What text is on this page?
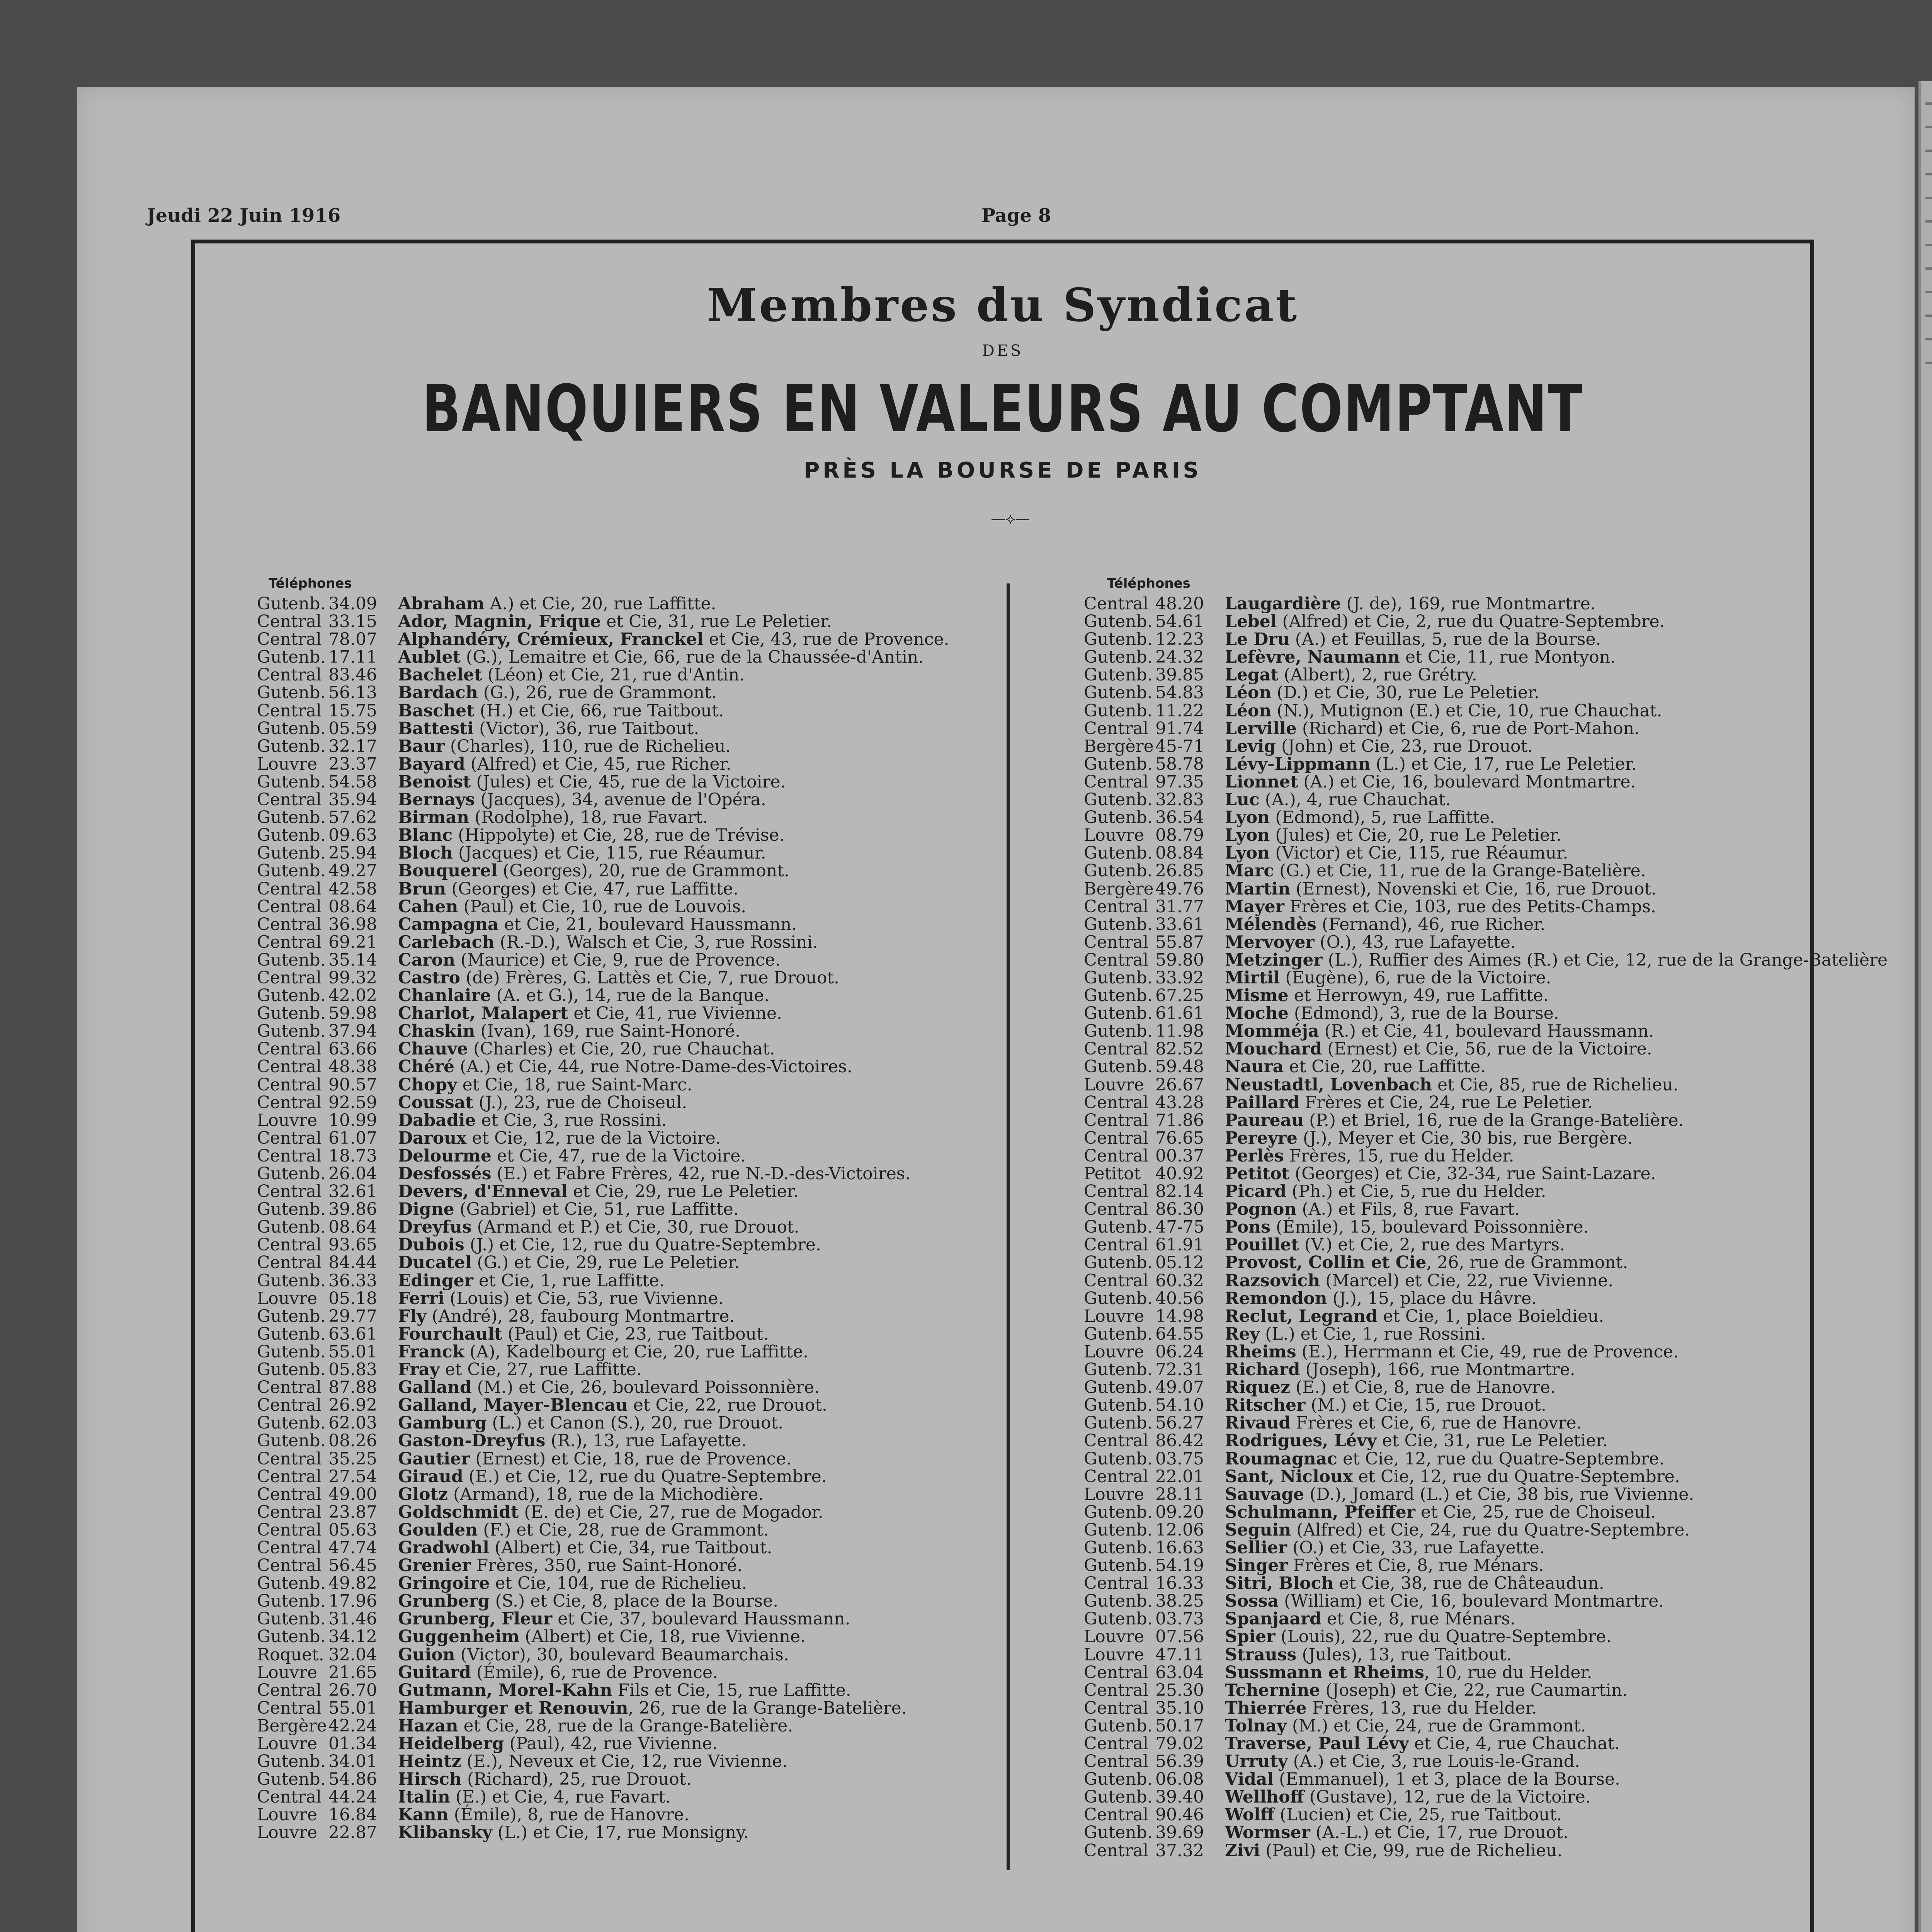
Jeudi 22 Juin 1916	Page 8
Membres du Syndicat
DES
BANQUIERS EN VALEURS AU COMPTANT
PRÈS LA BOURSE DE PARIS
—⟡—
Téléphones	Téléphones
Gutenb. 34.09 Abraham A.) et Cie, 20, rue Laffitte.
Central 33.15 Ador, Magnin, Frique et Cie, 31, rue Le Peletier.
Central 78.07 Alphandéry, Crémieux, Franckel et Cie, 43, rue de Provence.
Gutenb. 17.11 Aublet (G.), Lemaitre et Cie, 66, rue de la Chaussée-d'Antin.
Central 83.46 Bachelet (Léon) et Cie, 21, rue d'Antin.
Gutenb. 56.13 Bardach (G.), 26, rue de Grammont.
Central 15.75 Baschet (H.) et Cie, 66, rue Taitbout.
Gutenb. 05.59 Battesti (Victor), 36, rue Taitbout.
Gutenb. 32.17 Baur (Charles), 110, rue de Richelieu.
Louvre 23.37 Bayard (Alfred) et Cie, 45, rue Richer.
Gutenb. 54.58 Benoist (Jules) et Cie, 45, rue de la Victoire.
Central 35.94 Bernays (Jacques), 34, avenue de l'Opéra.
Gutenb. 57.62 Birman (Rodolphe), 18, rue Favart.
Gutenb. 09.63 Blanc (Hippolyte) et Cie, 28, rue de Trévise.
Gutenb. 25.94 Bloch (Jacques) et Cie, 115, rue Réaumur.
Gutenb. 49.27 Bouquerel (Georges), 20, rue de Grammont.
Central 42.58 Brun (Georges) et Cie, 47, rue Laffitte.
Central 08.64 Cahen (Paul) et Cie, 10, rue de Louvois.
Central 36.98 Campagna et Cie, 21, boulevard Haussmann.
Central 69.21 Carlebach (R.-D.), Walsch et Cie, 3, rue Rossini.
Gutenb. 35.14 Caron (Maurice) et Cie, 9, rue de Provence.
Central 99.32 Castro (de) Frères, G. Lattès et Cie, 7, rue Drouot.
Gutenb. 42.02 Chanlaire (A. et G.), 14, rue de la Banque.
Gutenb. 59.98 Charlot, Malapert et Cie, 41, rue Vivienne.
Gutenb. 37.94 Chaskin (Ivan), 169, rue Saint-Honoré.
Central 63.66 Chauve (Charles) et Cie, 20, rue Chauchat.
Central 48.38 Chéré (A.) et Cie, 44, rue Notre-Dame-des-Victoires.
Central 90.57 Chopy et Cie, 18, rue Saint-Marc.
Central 92.59 Coussat (J.), 23, rue de Choiseul.
Louvre 10.99 Dabadie et Cie, 3, rue Rossini.
Central 61.07 Daroux et Cie, 12, rue de la Victoire.
Central 18.73 Delourme et Cie, 47, rue de la Victoire.
Gutenb. 26.04 Desfossés (E.) et Fabre Frères, 42, rue N.-D.-des-Victoires.
Central 32.61 Devers, d'Enneval et Cie, 29, rue Le Peletier.
Gutenb. 39.86 Digne (Gabriel) et Cie, 51, rue Laffitte.
Gutenb. 08.64 Dreyfus (Armand et P.) et Cie, 30, rue Drouot.
Central 93.65 Dubois (J.) et Cie, 12, rue du Quatre-Septembre.
Central 84.44 Ducatel (G.) et Cie, 29, rue Le Peletier.
Gutenb. 36.33 Edinger et Cie, 1, rue Laffitte.
Louvre 05.18 Ferri (Louis) et Cie, 53, rue Vivienne.
Gutenb. 29.77 Fly (André), 28, faubourg Montmartre.
Gutenb. 63.61 Fourchault (Paul) et Cie, 23, rue Taitbout.
Gutenb. 55.01 Franck (A), Kadelbourg et Cie, 20, rue Laffitte.
Gutenb. 05.83 Fray et Cie, 27, rue Laffitte.
Central 87.88 Galland (M.) et Cie, 26, boulevard Poissonnière.
Central 26.92 Galland, Mayer-Blencau et Cie, 22, rue Drouot.
Gutenb. 62.03 Gamburg (L.) et Canon (S.), 20, rue Drouot.
Gutenb. 08.26 Gaston-Dreyfus (R.), 13, rue Lafayette.
Central 35.25 Gautier (Ernest) et Cie, 18, rue de Provence.
Central 27.54 Giraud (E.) et Cie, 12, rue du Quatre-Septembre.
Central 49.00 Glotz (Armand), 18, rue de la Michodière.
Central 23.87 Goldschmidt (E. de) et Cie, 27, rue de Mogador.
Central 05.63 Goulden (F.) et Cie, 28, rue de Grammont.
Central 47.74 Gradwohl (Albert) et Cie, 34, rue Taitbout.
Central 56.45 Grenier Frères, 350, rue Saint-Honoré.
Gutenb. 49.82 Gringoire et Cie, 104, rue de Richelieu.
Gutenb. 17.96 Grunberg (S.) et Cie, 8, place de la Bourse.
Gutenb. 31.46 Grunberg, Fleur et Cie, 37, boulevard Haussmann.
Gutenb. 34.12 Guggenheim (Albert) et Cie, 18, rue Vivienne.
Roquet. 32.04 Guion (Victor), 30, boulevard Beaumarchais.
Louvre 21.65 Guitard (Émile), 6, rue de Provence.
Central 26.70 Gutmann, Morel-Kahn Fils et Cie, 15, rue Laffitte.
Central 55.01 Hamburger et Renouvin, 26, rue de la Grange-Batelière.
Bergère42.24 Hazan et Cie, 28, rue de la Grange-Batelière.
Louvre 01.34 Heidelberg (Paul), 42, rue Vivienne.
Gutenb. 34.01 Heintz (E.), Neveux et Cie, 12, rue Vivienne.
Gutenb. 54.86 Hirsch (Richard), 25, rue Drouot.
Central 44.24 Italin (E.) et Cie, 4, rue Favart.
Louvre 16.84 Kann (Émile), 8, rue de Hanovre.
Louvre 22.87 Klibansky (L.) et Cie, 17, rue Monsigny.
Central 48.20 Laugardière (J. de), 169, rue Montmartre.
Gutenb. 54.61 Lebel (Alfred) et Cie, 2, rue du Quatre-Septembre.
Gutenb. 12.23 Le Dru (A.) et Feuillas, 5, rue de la Bourse.
Gutenb. 24.32 Lefèvre, Naumann et Cie, 11, rue Montyon.
Gutenb. 39.85 Legat (Albert), 2, rue Grétry.
Gutenb. 54.83 Léon (D.) et Cie, 30, rue Le Peletier.
Gutenb. 11.22 Léon (N.), Mutignon (E.) et Cie, 10, rue Chauchat.
Central 91.74 Lerville (Richard) et Cie, 6, rue de Port-Mahon.
Bergère45-71 Levig (John) et Cie, 23, rue Drouot.
Gutenb. 58.78 Lévy-Lippmann (L.) et Cie, 17, rue Le Peletier.
Central 97.35 Lionnet (A.) et Cie, 16, boulevard Montmartre.
Gutenb. 32.83 Luc (A.), 4, rue Chauchat.
Gutenb. 36.54 Lyon (Edmond), 5, rue Laffitte.
Louvre 08.79 Lyon (Jules) et Cie, 20, rue Le Peletier.
Gutenb. 08.84 Lyon (Victor) et Cie, 115, rue Réaumur.
Gutenb. 26.85 Marc (G.) et Cie, 11, rue de la Grange-Batelière.
Bergère49.76 Martin (Ernest), Novenski et Cie, 16, rue Drouot.
Central 31.77 Mayer Frères et Cie, 103, rue des Petits-Champs.
Gutenb. 33.61 Mélendès (Fernand), 46, rue Richer.
Central 55.87 Mervoyer (O.), 43, rue Lafayette.
Central 59.80 Metzinger (L.), Ruffier des Aimes (R.) et Cie, 12, rue de la Grange-Batelière
Gutenb. 33.92 Mirtil (Eugène), 6, rue de la Victoire.
Gutenb. 67.25 Misme et Herrowyn, 49, rue Laffitte.
Gutenb. 61.61 Moche (Edmond), 3, rue de la Bourse.
Gutenb. 11.98 Momméja (R.) et Cie, 41, boulevard Haussmann.
Central 82.52 Mouchard (Ernest) et Cie, 56, rue de la Victoire.
Gutenb. 59.48 Naura et Cie, 20, rue Laffitte.
Louvre 26.67 Neustadtl, Lovenbach et Cie, 85, rue de Richelieu.
Central 43.28 Paillard Frères et Cie, 24, rue Le Peletier.
Central 71.86 Paureau (P.) et Briel, 16, rue de la Grange-Batelière.
Central 76.65 Pereyre (J.), Meyer et Cie, 30 bis, rue Bergère.
Central 00.37 Perlès Frères, 15, rue du Helder.
Petitot 40.92 Petitot (Georges) et Cie, 32-34, rue Saint-Lazare.
Central 82.14 Picard (Ph.) et Cie, 5, rue du Helder.
Central 86.30 Pognon (A.) et Fils, 8, rue Favart.
Gutenb. 47-75 Pons (Émile), 15, boulevard Poissonnière.
Central 61.91 Pouillet (V.) et Cie, 2, rue des Martyrs.
Gutenb. 05.12 Provost, Collin et Cie, 26, rue de Grammont.
Central 60.32 Razsovich (Marcel) et Cie, 22, rue Vivienne.
Gutenb. 40.56 Remondon (J.), 15, place du Hâvre.
Louvre 14.98 Reclut, Legrand et Cie, 1, place Boieldieu.
Gutenb. 64.55 Rey (L.) et Cie, 1, rue Rossini.
Louvre 06.24 Rheims (E.), Herrmann et Cie, 49, rue de Provence.
Gutenb. 72.31 Richard (Joseph), 166, rue Montmartre.
Gutenb. 49.07 Riquez (E.) et Cie, 8, rue de Hanovre.
Gutenb. 54.10 Ritscher (M.) et Cie, 15, rue Drouot.
Gutenb. 56.27 Rivaud Frères et Cie, 6, rue de Hanovre.
Central 86.42 Rodrigues, Lévy et Cie, 31, rue Le Peletier.
Gutenb. 03.75 Roumagnac et Cie, 12, rue du Quatre-Septembre.
Central 22.01 Sant, Nicloux et Cie, 12, rue du Quatre-Septembre.
Louvre 28.11 Sauvage (D.), Jomard (L.) et Cie, 38 bis, rue Vivienne.
Gutenb. 09.20 Schulmann, Pfeiffer et Cie, 25, rue de Choiseul.
Gutenb. 12.06 Seguin (Alfred) et Cie, 24, rue du Quatre-Septembre.
Gutenb. 16.63 Sellier (O.) et Cie, 33, rue Lafayette.
Gutenb. 54.19 Singer Frères et Cie, 8, rue Ménars.
Central 16.33 Sitri, Bloch et Cie, 38, rue de Châteaudun.
Gutenb. 38.25 Sossa (William) et Cie, 16, boulevard Montmartre.
Gutenb. 03.73 Spanjaard et Cie, 8, rue Ménars.
Louvre 07.56 Spier (Louis), 22, rue du Quatre-Septembre.
Louvre 47.11 Strauss (Jules), 13, rue Taitbout.
Central 63.04 Sussmann et Rheims, 10, rue du Helder.
Central 25.30 Tchernine (Joseph) et Cie, 22, rue Caumartin.
Central 35.10 Thierrée Frères, 13, rue du Helder.
Gutenb. 50.17 Tolnay (M.) et Cie, 24, rue de Grammont.
Central 79.02 Traverse, Paul Lévy et Cie, 4, rue Chauchat.
Central 56.39 Urruty (A.) et Cie, 3, rue Louis-le-Grand.
Gutenb. 06.08 Vidal (Emmanuel), 1 et 3, place de la Bourse.
Gutenb. 39.40 Wellhoff (Gustave), 12, rue de la Victoire.
Central 90.46 Wolff (Lucien) et Cie, 25, rue Taitbout.
Gutenb. 39.69 Wormser (A.-L.) et Cie, 17, rue Drouot.
Central 37.32 Zivi (Paul) et Cie, 99, rue de Richelieu.
